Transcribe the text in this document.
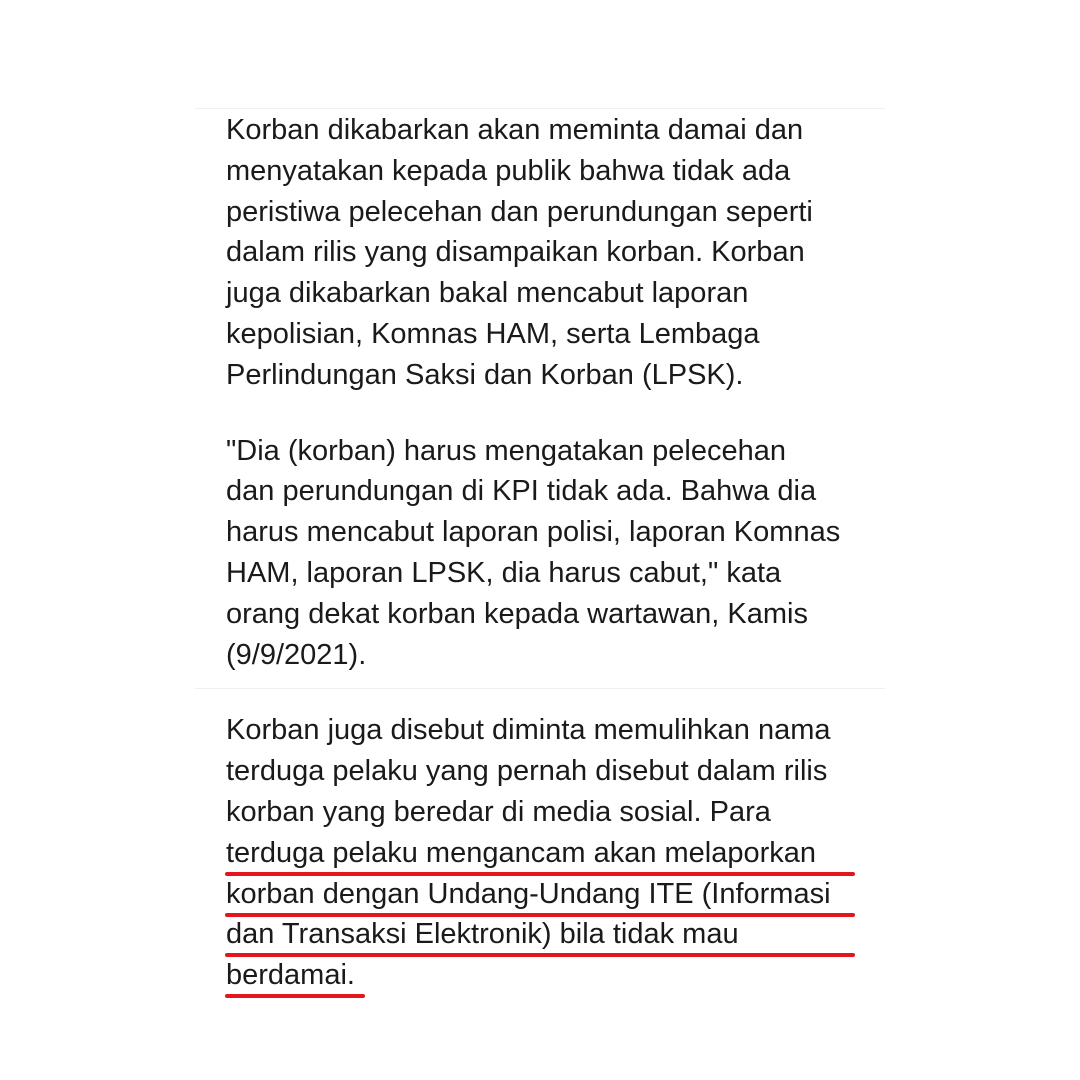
Korban dikabarkan akan meminta damai dan
menyatakan kepada publik bahwa tidak ada
peristiwa pelecehan dan perundungan seperti
dalam rilis yang disampaikan korban. Korban
juga dikabarkan bakal mencabut laporan
kepolisian, Komnas HAM, serta Lembaga
Perlindungan Saksi dan Korban (LPSK).

"Dia (korban) harus mengatakan pelecehan
dan perundungan di KPI tidak ada. Bahwa dia
harus mencabut laporan polisi, laporan Komnas
HAM, laporan LPSK, dia harus cabut," kata
orang dekat korban kepada wartawan, Kamis
(9/9/2021).

Korban juga disebut diminta memulihkan nama
terduga pelaku yang pernah disebut dalam rilis
korban yang beredar di media sosial. Para
terduga pelaku mengancam akan melaporkan
korban dengan Undang-Undang ITE (Informasi
dan Transaksi Elektronik) bila tidak mau
berdamai.
